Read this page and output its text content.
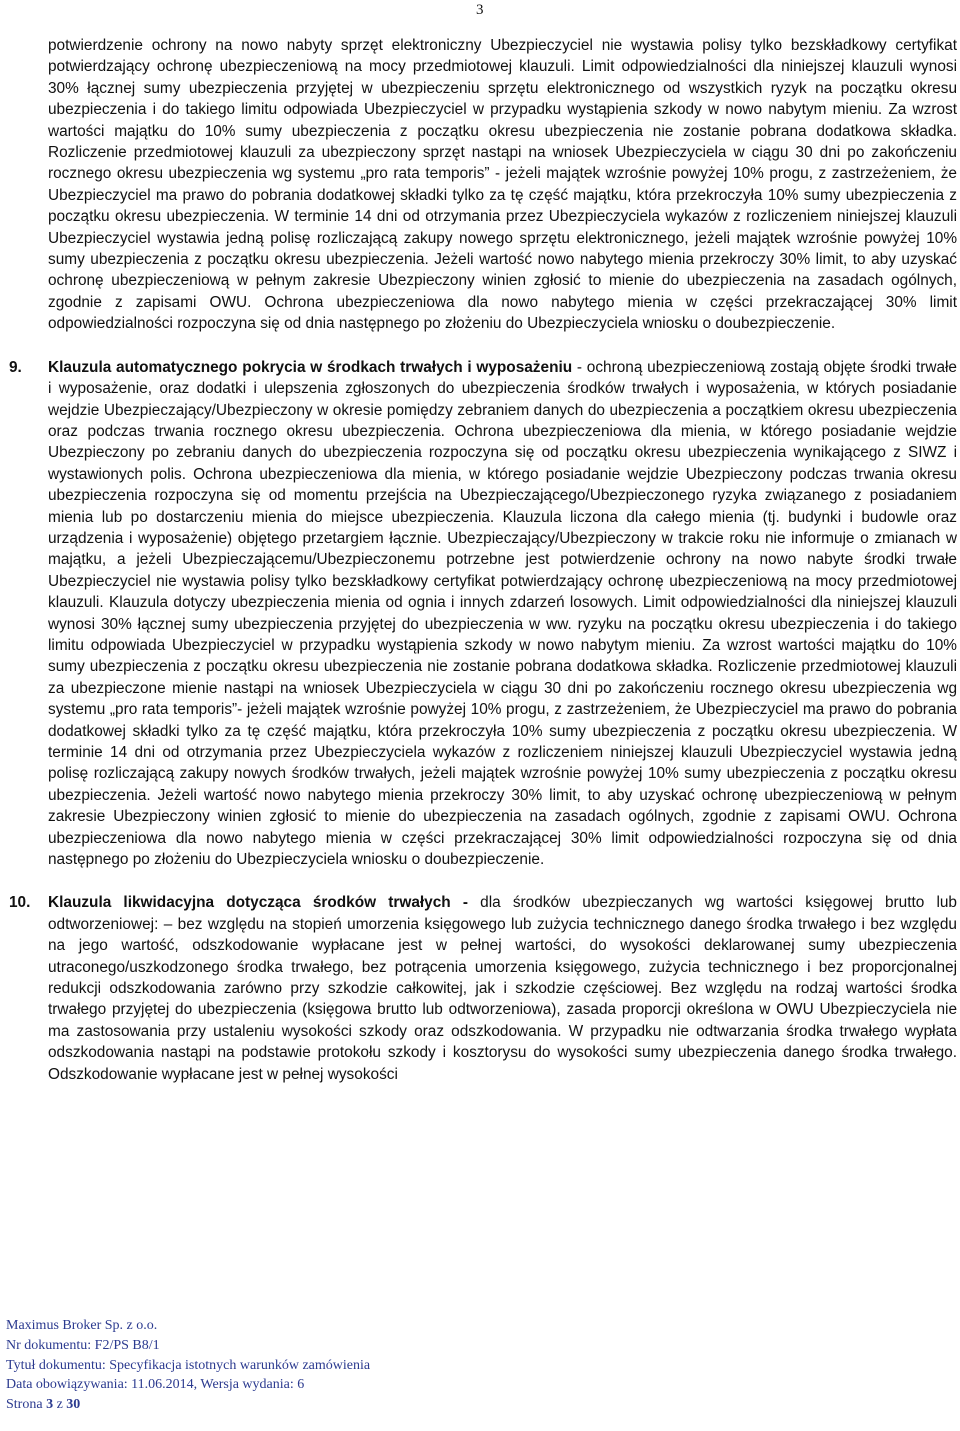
3

potwierdzenie ochrony na nowo nabyty sprzęt elektroniczny Ubezpieczyciel nie wystawia polisy tylko bezskładkowy certyfikat potwierdzający ochronę ubezpieczeniową na mocy przedmiotowej klauzuli. Limit odpowiedzialności dla niniejszej klauzuli wynosi 30% łącznej sumy ubezpieczenia przyjętej w ubezpieczeniu sprzętu elektronicznego od wszystkich ryzyk na początku okresu ubezpieczenia i do takiego limitu odpowiada Ubezpieczyciel w przypadku wystąpienia szkody w nowo nabytym mieniu. Za wzrost wartości majątku do 10% sumy ubezpieczenia z początku okresu ubezpieczenia nie zostanie pobrana dodatkowa składka. Rozliczenie przedmiotowej klauzuli za ubezpieczony sprzęt nastąpi na wniosek Ubezpieczyciela w ciągu 30 dni po zakończeniu rocznego okresu ubezpieczenia wg systemu „pro rata temporis” - jeżeli majątek wzrośnie powyżej 10% progu, z zastrzeżeniem, że Ubezpieczyciel ma prawo do pobrania dodatkowej składki tylko za tę część majątku, która przekroczyła 10% sumy ubezpieczenia z początku okresu ubezpieczenia. W terminie 14 dni od otrzymania przez Ubezpieczyciela wykazów z rozliczeniem niniejszej klauzuli Ubezpieczyciel wystawia jedną polisę rozliczającą zakupy nowego sprzętu elektronicznego, jeżeli majątek wzrośnie powyżej 10% sumy ubezpieczenia z początku okresu ubezpieczenia. Jeżeli wartość nowo nabytego mienia przekroczy 30% limit, to aby uzyskać ochronę ubezpieczeniową w pełnym zakresie Ubezpieczony winien zgłosić to mienie do ubezpieczenia na zasadach ogólnych, zgodnie z zapisami OWU. Ochrona ubezpieczeniowa dla nowo nabytego mienia w części przekraczającej 30% limit odpowiedzialności rozpoczyna się od dnia następnego po złożeniu do Ubezpieczyciela wniosku o doubezpieczenie.

9. Klauzula automatycznego pokrycia w środkach trwałych i wyposażeniu - ochroną ubezpieczeniową zostają objęte środki trwałe i wyposażenie, oraz dodatki i ulepszenia zgłoszonych do ubezpieczenia środków trwałych i wyposażenia, w których posiadanie wejdzie Ubezpieczający/Ubezpieczony w okresie pomiędzy zebraniem danych do ubezpieczenia a początkiem okresu ubezpieczenia oraz podczas trwania rocznego okresu ubezpieczenia. Ochrona ubezpieczeniowa dla mienia, w którego posiadanie wejdzie Ubezpieczony po zebraniu danych do ubezpieczenia rozpoczyna się od początku okresu ubezpieczenia wynikającego z SIWZ i wystawionych polis. Ochrona ubezpieczeniowa dla mienia, w którego posiadanie wejdzie Ubezpieczony podczas trwania okresu ubezpieczenia rozpoczyna się od momentu przejścia na Ubezpieczającego/Ubezpieczonego ryzyka związanego z posiadaniem mienia lub po dostarczeniu mienia do miejsce ubezpieczenia. Klauzula liczona dla całego mienia (tj. budynki i budowle oraz urządzenia i wyposażenie) objętego przetargiem łącznie. Ubezpieczający/Ubezpieczony w trakcie roku nie informuje o zmianach w majątku, a jeżeli Ubezpieczającemu/Ubezpieczonemu potrzebne jest potwierdzenie ochrony na nowo nabyte środki trwałe Ubezpieczyciel nie wystawia polisy tylko bezskładkowy certyfikat potwierdzający ochronę ubezpieczeniową na mocy przedmiotowej klauzuli. Klauzula dotyczy ubezpieczenia mienia od ognia i innych zdarzeń losowych. Limit odpowiedzialności dla niniejszej klauzuli wynosi 30% łącznej sumy ubezpieczenia przyjętej do ubezpieczenia w ww. ryzyku na początku okresu ubezpieczenia i do takiego limitu odpowiada Ubezpieczyciel w przypadku wystąpienia szkody w nowo nabytym mieniu. Za wzrost wartości majątku do 10% sumy ubezpieczenia z początku okresu ubezpieczenia nie zostanie pobrana dodatkowa składka. Rozliczenie przedmiotowej klauzuli za ubezpieczone mienie nastąpi na wniosek Ubezpieczyciela w ciągu 30 dni po zakończeniu rocznego okresu ubezpieczenia wg systemu „pro rata temporis”- jeżeli majątek wzrośnie powyżej 10% progu, z zastrzeżeniem, że Ubezpieczyciel ma prawo do pobrania dodatkowej składki tylko za tę część majątku, która przekroczyła 10% sumy ubezpieczenia z początku okresu ubezpieczenia. W terminie 14 dni od otrzymania przez Ubezpieczyciela wykazów z rozliczeniem niniejszej klauzuli Ubezpieczyciel wystawia jedną polisę rozliczającą zakupy nowych środków trwałych, jeżeli majątek wzrośnie powyżej 10% sumy ubezpieczenia z początku okresu ubezpieczenia. Jeżeli wartość nowo nabytego mienia przekroczy 30% limit, to aby uzyskać ochronę ubezpieczeniową w pełnym zakresie Ubezpieczony winien zgłosić to mienie do ubezpieczenia na zasadach ogólnych, zgodnie z zapisami OWU. Ochrona ubezpieczeniowa dla nowo nabytego mienia w części przekraczającej 30% limit odpowiedzialności rozpoczyna się od dnia następnego po złożeniu do Ubezpieczyciela wniosku o doubezpieczenie.

10. Klauzula likwidacyjna dotycząca środków trwałych - dla środków ubezpieczanych wg wartości księgowej brutto lub odtworzeniowej: – bez względu na stopień umorzenia księgowego lub zużycia technicznego danego środka trwałego i bez względu na jego wartość, odszkodowanie wypłacane jest w pełnej wartości, do wysokości deklarowanej sumy ubezpieczenia utraconego/uszkodzonego środka trwałego, bez potrącenia umorzenia księgowego, zużycia technicznego i bez proporcjonalnej redukcji odszkodowania zarówno przy szkodzie całkowitej, jak i szkodzie częściowej. Bez względu na rodzaj wartości środka trwałego przyjętej do ubezpieczenia (księgowa brutto lub odtworzeniowa), zasada proporcji określona w OWU Ubezpieczyciela nie ma zastosowania przy ustaleniu wysokości szkody oraz odszkodowania. W przypadku nie odtwarzania środka trwałego wypłata odszkodowania nastąpi na podstawie protokołu szkody i kosztorysu do wysokości sumy ubezpieczenia danego środka trwałego. Odszkodowanie wypłacane jest w pełnej wysokości

Maximus Broker Sp. z o.o.
Nr dokumentu: F2/PS B8/1
Tytuł dokumentu: Specyfikacja istotnych warunków zamówienia
Data obowiązywania: 11.06.2014, Wersja wydania: 6
Strona 3 z 30
